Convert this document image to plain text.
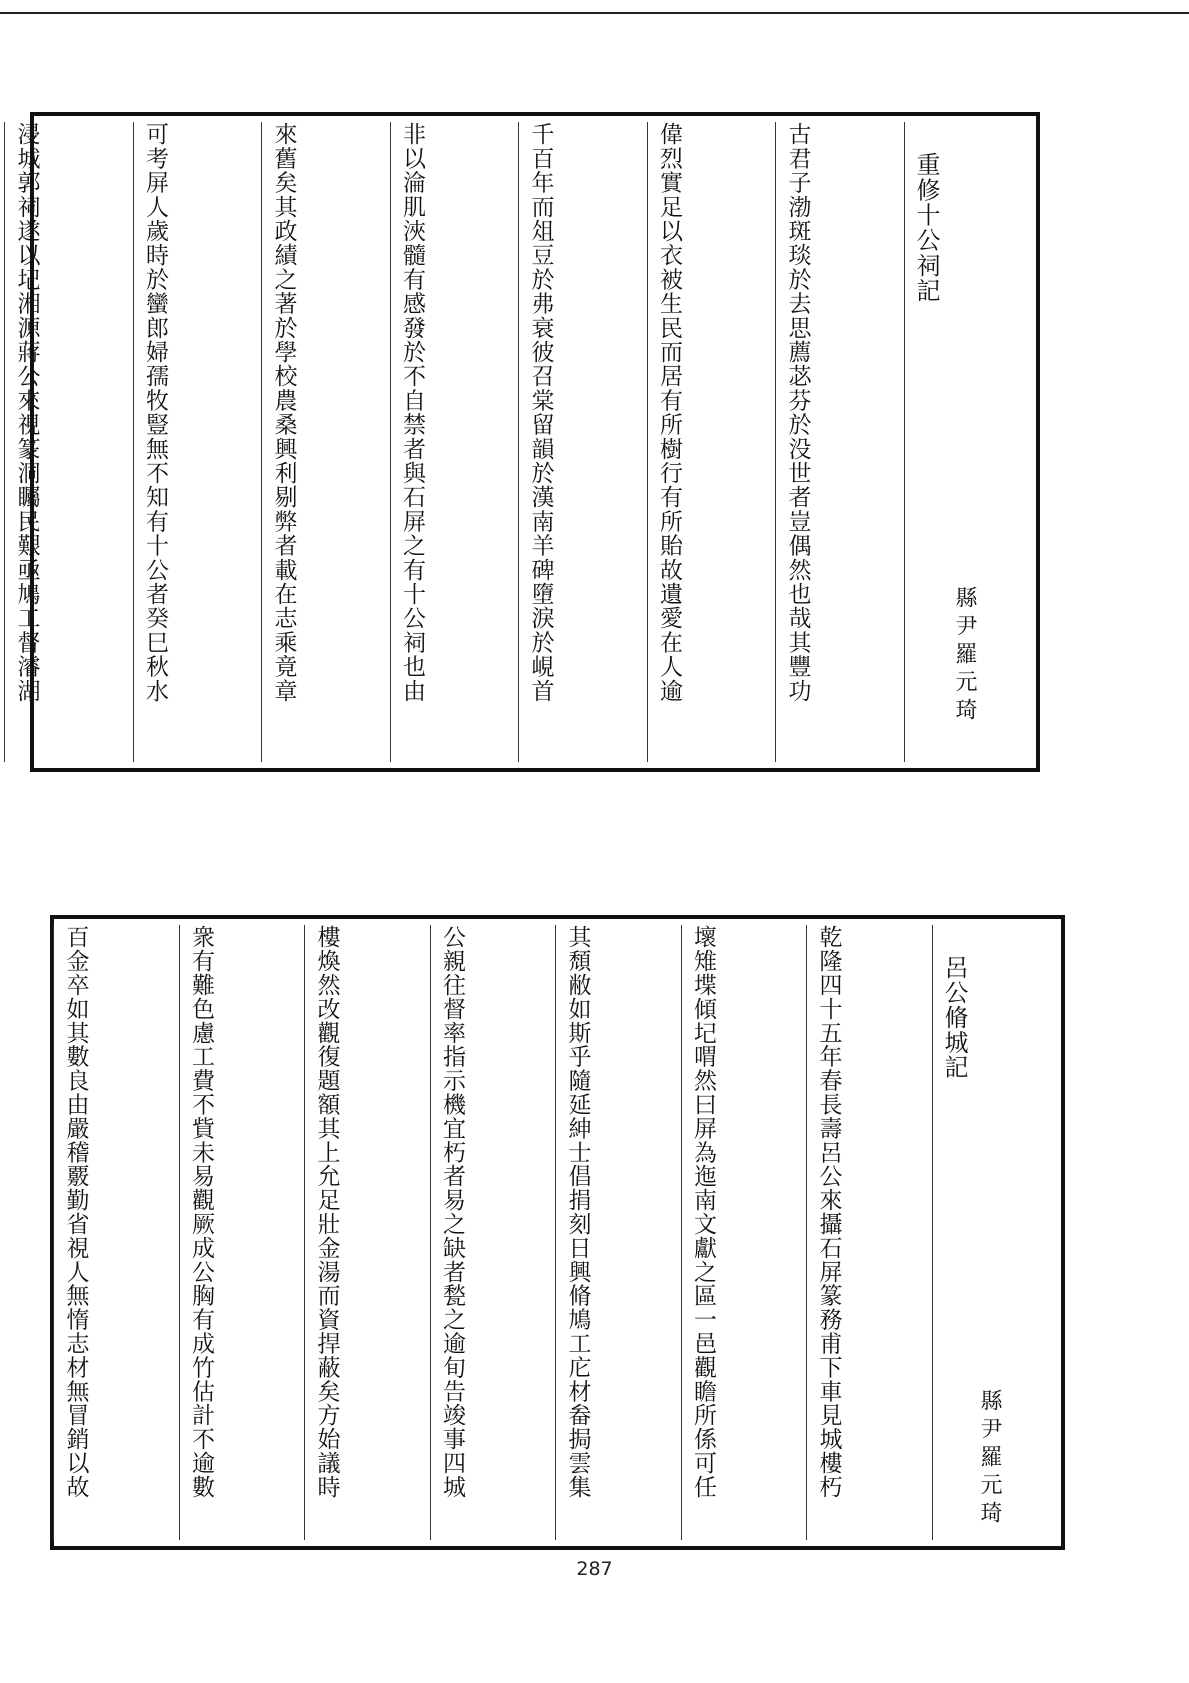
重修十公祠記

古君子渤斑琰於去思薦苾芬於没世者豈偶然也哉其豐功

偉烈實足以衣被生民而居有所樹行有所貽故遺愛在人逾

千百年而俎豆於弗衰彼召棠留韻於漢南羊碑墮淚於峴首

非以淪肌浹髓有感發於不自禁者與石屏之有十公祠也由

來舊矣其政績之著於學校農桑興利剔弊者載在志乘竟章

可考屏人歲時於蠻郎婦孺牧豎無不知有十公者癸巳秋水

浸城郭祠遂以圮湘源蔣公來視篆洞矚民艱亟鳩工督濬湖

	縣尹羅元琦

呂公脩城記

乾隆四十五年春長壽呂公來攝石屏篆務甫下車見城樓朽

壞雉堞傾圮喟然曰屏為迤南文獻之區一邑觀瞻所係可任

其頹敝如斯乎隨延紳士倡捐刻日興脩鳩工庀材畚挶雲集

公親往督率指示機宜朽者易之缺者甃之逾旬告竣事四城

樓煥然改觀復題額其上允足壯金湯而資捍蔽矣方始議時

衆有難色慮工費不貲未易觀厥成公胸有成竹估計不逾數

百金卒如其數良由嚴稽覈勤省視人無惰志材無冒銷以故

	縣尹羅元琦
287
